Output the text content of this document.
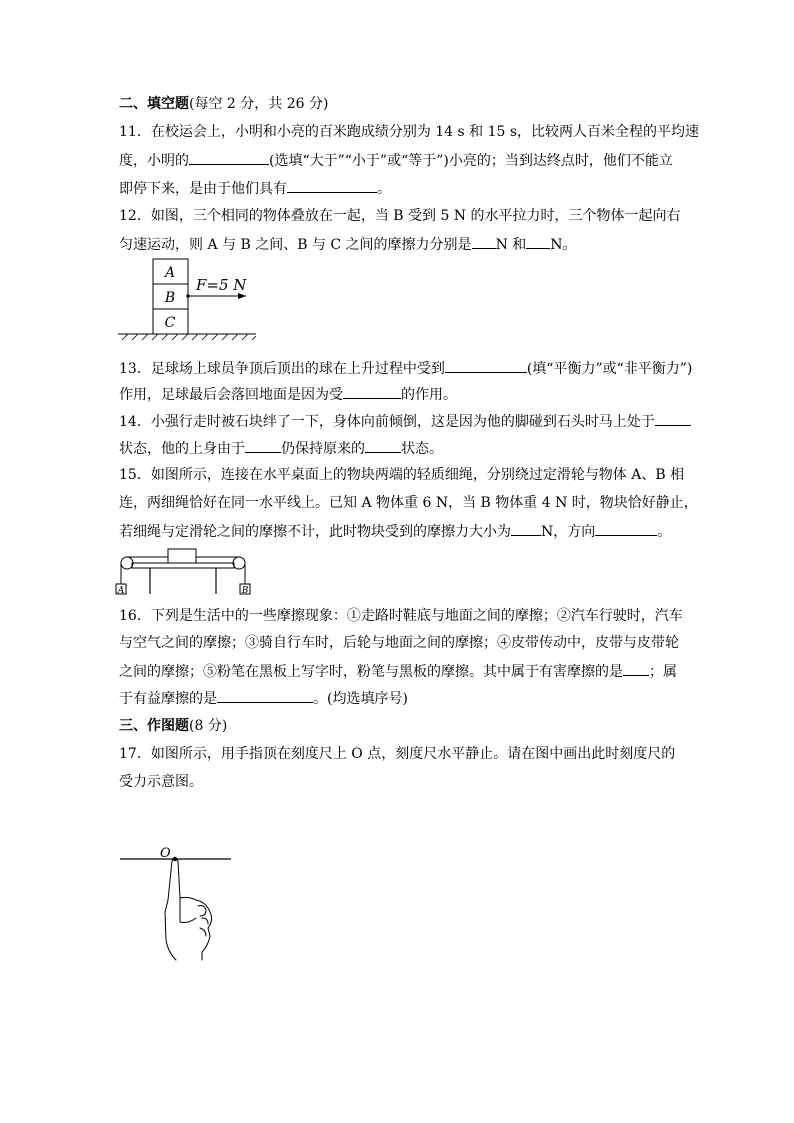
二、填空题(每空 2 分，共 26 分)
11．在校运会上，小明和小亮的百米跑成绩分别为 14 s 和 15 s，比较两人百米全程的平均速
度，小明的	(选填“大于”“小于”或“等于”)小亮的；当到达终点时，他们不能立
即停下来，是由于他们具有	。
12．如图，三个相同的物体叠放在一起，当 B 受到 5 N 的水平拉力时，三个物体一起向右
匀速运动，则 A 与 B 之间、B 与 C 之间的摩擦力分别是 N 和 N。
A
B
C
F=5 N
13．足球场上球员争顶后顶出的球在上升过程中受到	(填“平衡力”或“非平衡力”)
作用，足球最后会落回地面是因为受	的作用。
14．小强行走时被石块绊了一下，身体向前倾倒，这是因为他的脚碰到石头时马上处于
状态，他的上身由于	仍保持原来的	状态。
15．如图所示，连接在水平桌面上的物块两端的轻质细绳，分别绕过定滑轮与物体 A、B 相
连，两细绳恰好在同一水平线上。已知 A 物体重 6 N，当 B 物体重 4 N 时，物块恰好静止，
若细绳与定滑轮之间的摩擦不计，此时物块受到的摩擦力大小为 N，方向	。
A	B
16．下列是生活中的一些摩擦现象：①走路时鞋底与地面之间的摩擦；②汽车行驶时，汽车
与空气之间的摩擦；③骑自行车时，后轮与地面之间的摩擦；④皮带传动中，皮带与皮带轮
之间的摩擦；⑤粉笔在黑板上写字时，粉笔与黑板的摩擦。其中属于有害摩擦的是 ；属
于有益摩擦的是	。(均选填序号)
三、作图题(8 分)
17．如图所示，用手指顶在刻度尺上 O 点，刻度尺水平静止。请在图中画出此时刻度尺的
受力示意图。
O
